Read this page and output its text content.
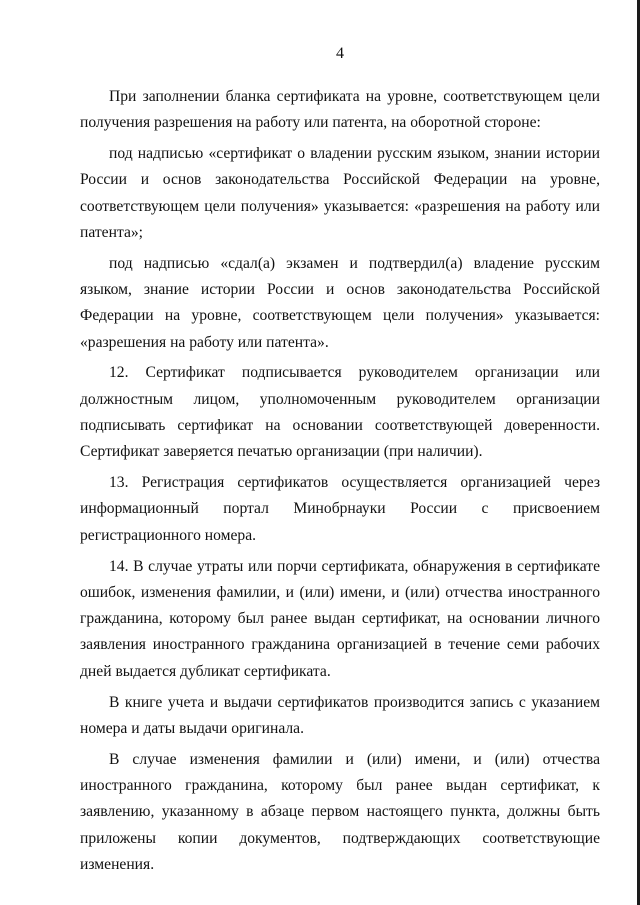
4

При заполнении бланка сертификата на уровне, соответствующем цели получения разрешения на работу или патента, на оборотной стороне:

под надписью «сертификат о владении русским языком, знании истории России и основ законодательства Российской Федерации на уровне, соответствующем цели получения» указывается: «разрешения на работу или патента»;

под надписью «сдал(а) экзамен и подтвердил(а) владение русским языком, знание истории России и основ законодательства Российской Федерации на уровне, соответствующем цели получения» указывается: «разрешения на работу или патента».

12. Сертификат подписывается руководителем организации или должностным лицом, уполномоченным руководителем организации подписывать сертификат на основании соответствующей доверенности. Сертификат заверяется печатью организации (при наличии).

13. Регистрация сертификатов осуществляется организацией через информационный портал Минобрнауки России с присвоением регистрационного номера.

14. В случае утраты или порчи сертификата, обнаружения в сертификате ошибок, изменения фамилии, и (или) имени, и (или) отчества иностранного гражданина, которому был ранее выдан сертификат, на основании личного заявления иностранного гражданина организацией в течение семи рабочих дней выдается дубликат сертификата.

В книге учета и выдачи сертификатов производится запись с указанием номера и даты выдачи оригинала.

В случае изменения фамилии и (или) имени, и (или) отчества иностранного гражданина, которому был ранее выдан сертификат, к заявлению, указанному в абзаце первом настоящего пункта, должны быть приложены копии документов, подтверждающих соответствующие изменения.
